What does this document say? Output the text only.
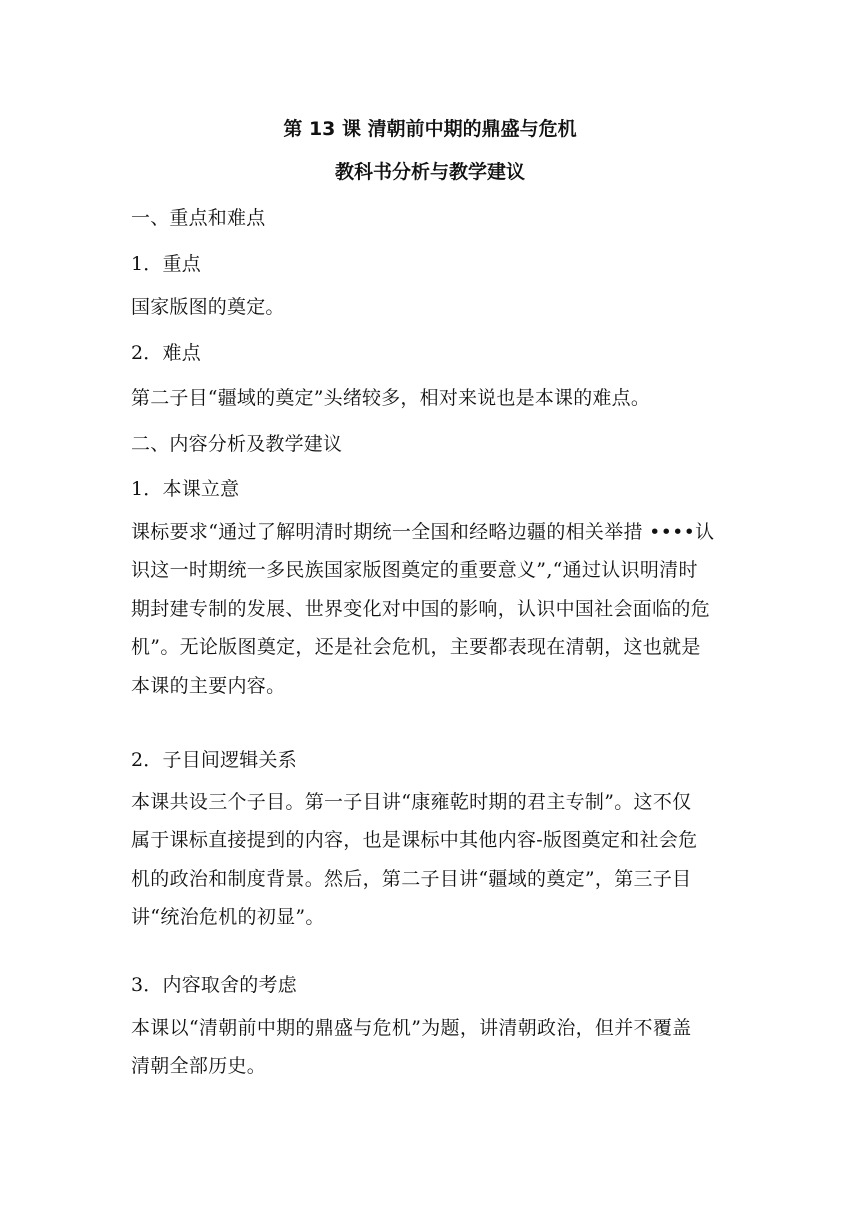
第 13 课 清朝前中期的鼎盛与危机
教科书分析与教学建议
一、重点和难点
1．重点
国家版图的奠定。
2．难点
第二子目“疆域的奠定”头绪较多，相对来说也是本课的难点。
二、内容分析及教学建议
1．本课立意
课标要求“通过了解明清时期统一全国和经略边疆的相关举措 ••••认
识这一时期统一多民族国家版图奠定的重要意义”,“通过认识明清时
期封建专制的发展、世界变化对中国的影响，认识中国社会面临的危
机”。无论版图奠定，还是社会危机，主要都表现在清朝，这也就是
本课的主要内容。
2．子目间逻辑关系
本课共设三个子目。第一子目讲“康雍乾时期的君主专制”。这不仅
属于课标直接提到的内容，也是课标中其他内容-版图奠定和社会危
机的政治和制度背景。然后，第二子目讲“疆域的奠定”，第三子目
讲“统治危机的初显”。
3．内容取舍的考虑
本课以“清朝前中期的鼎盛与危机”为题，讲清朝政治，但并不覆盖
清朝全部历史。
